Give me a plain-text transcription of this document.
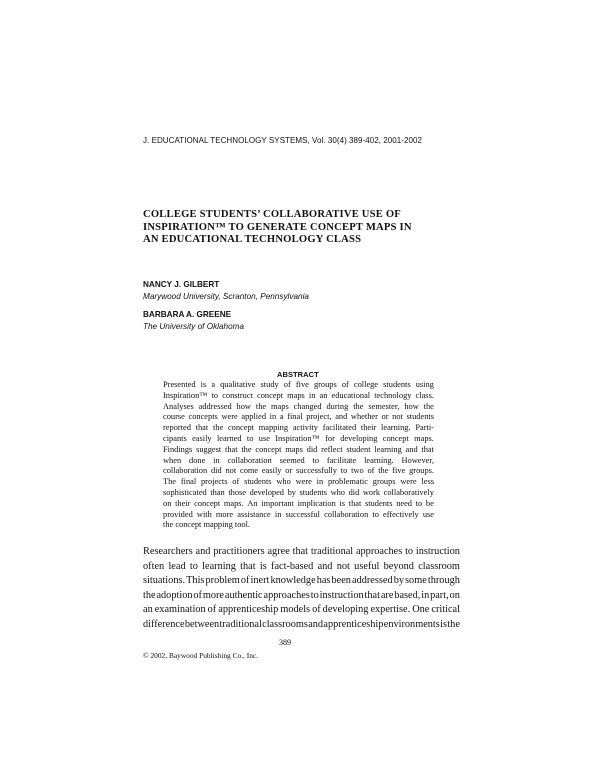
J. EDUCATIONAL TECHNOLOGY SYSTEMS, Vol. 30(4) 389-402, 2001-2002
COLLEGE STUDENTS’ COLLABORATIVE USE OF
INSPIRATION™ TO GENERATE CONCEPT MAPS IN
AN EDUCATIONAL TECHNOLOGY CLASS
NANCY J. GILBERT
Marywood University, Scranton, Pennsylvania
BARBARA A. GREENE
The University of Oklahoma
ABSTRACT
Presented is a qualitative study of five groups of college students using
Inspiration™ to construct concept maps in an educational technology class.
Analyses addressed how the maps changed during the semester, how the
course concepts were applied in a final project, and whether or not students
reported that the concept mapping activity facilitated their learning. Parti-
cipants easily learned to use Inspiration™ for developing concept maps.
Findings suggest that the concept maps did reflect student learning and that
when done in collaboration seemed to facilitate learning. However,
collaboration did not come easily or successfully to two of the five groups.
The final projects of students who were in problematic groups were less
sophisticated than those developed by students who did work collaboratively
on their concept maps. An important implication is that students need to be
provided with more assistance in successful collaboration to effectively use
the concept mapping tool.
Researchers and practitioners agree that traditional approaches to instruction
often lead to learning that is fact-based and not useful beyond classroom
situations. This problem of inert knowledge has been addressed by some through
the adoption of more authentic approaches to instruction that are based, in part, on
an examination of apprenticeship models of developing expertise. One critical
difference between traditional classrooms and apprenticeship environments is the
389
© 2002, Baywood Publishing Co., Inc.
